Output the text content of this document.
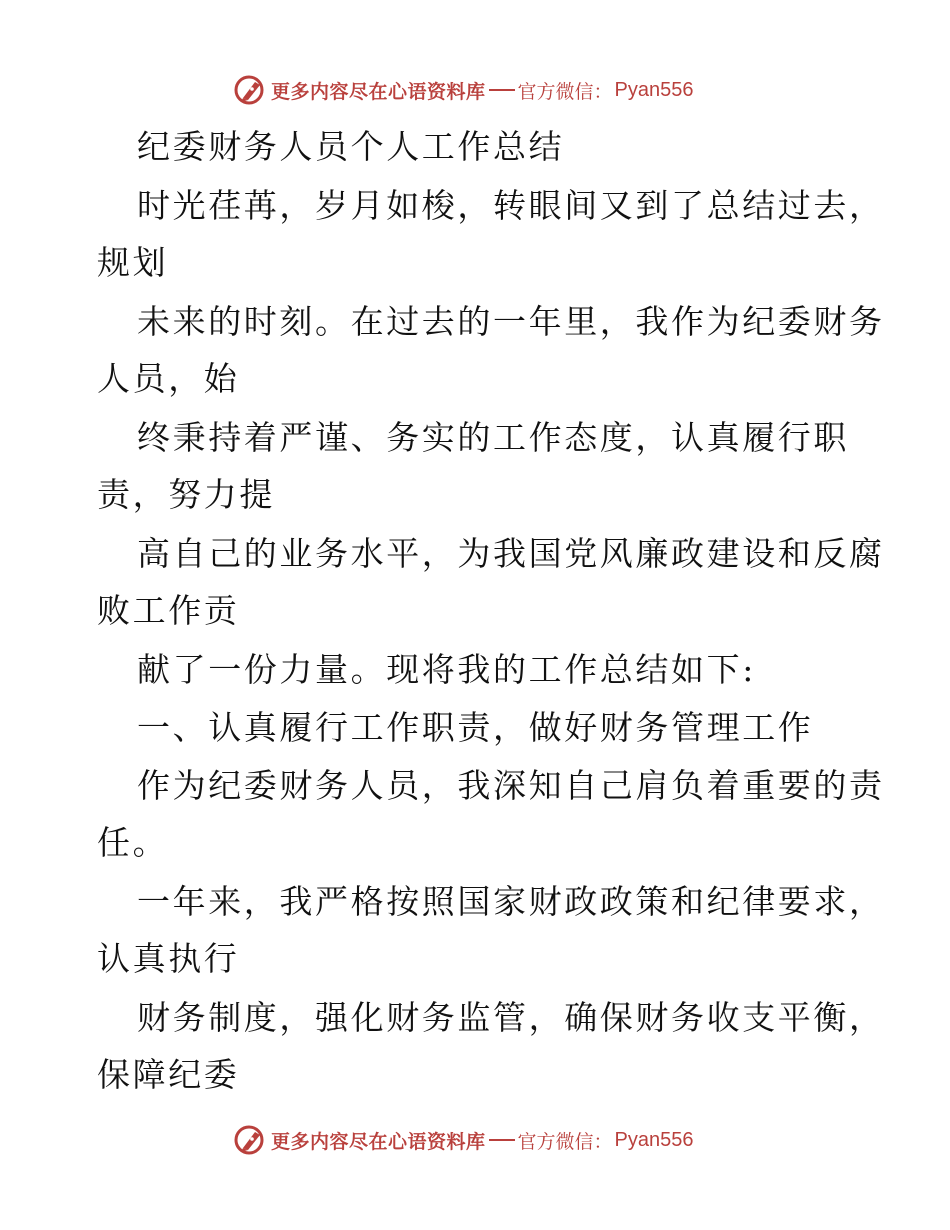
更多内容尽在心语资料库 官方微信： Pyan556
纪委财务人员个人工作总结
时光荏苒，岁月如梭，转眼间又到了总结过去，
规划
未来的时刻。在过去的一年里，我作为纪委财务
人员，始
终秉持着严谨、务实的工作态度，认真履行职
责，努力提
高自己的业务水平，为我国党风廉政建设和反腐
败工作贡
献了一份力量。现将我的工作总结如下:
一、认真履行工作职责，做好财务管理工作
作为纪委财务人员，我深知自己肩负着重要的责
任。
一年来，我严格按照国家财政政策和纪律要求，
认真执行
财务制度，强化财务监管，确保财务收支平衡，
保障纪委
更多内容尽在心语资料库 官方微信： Pyan556
